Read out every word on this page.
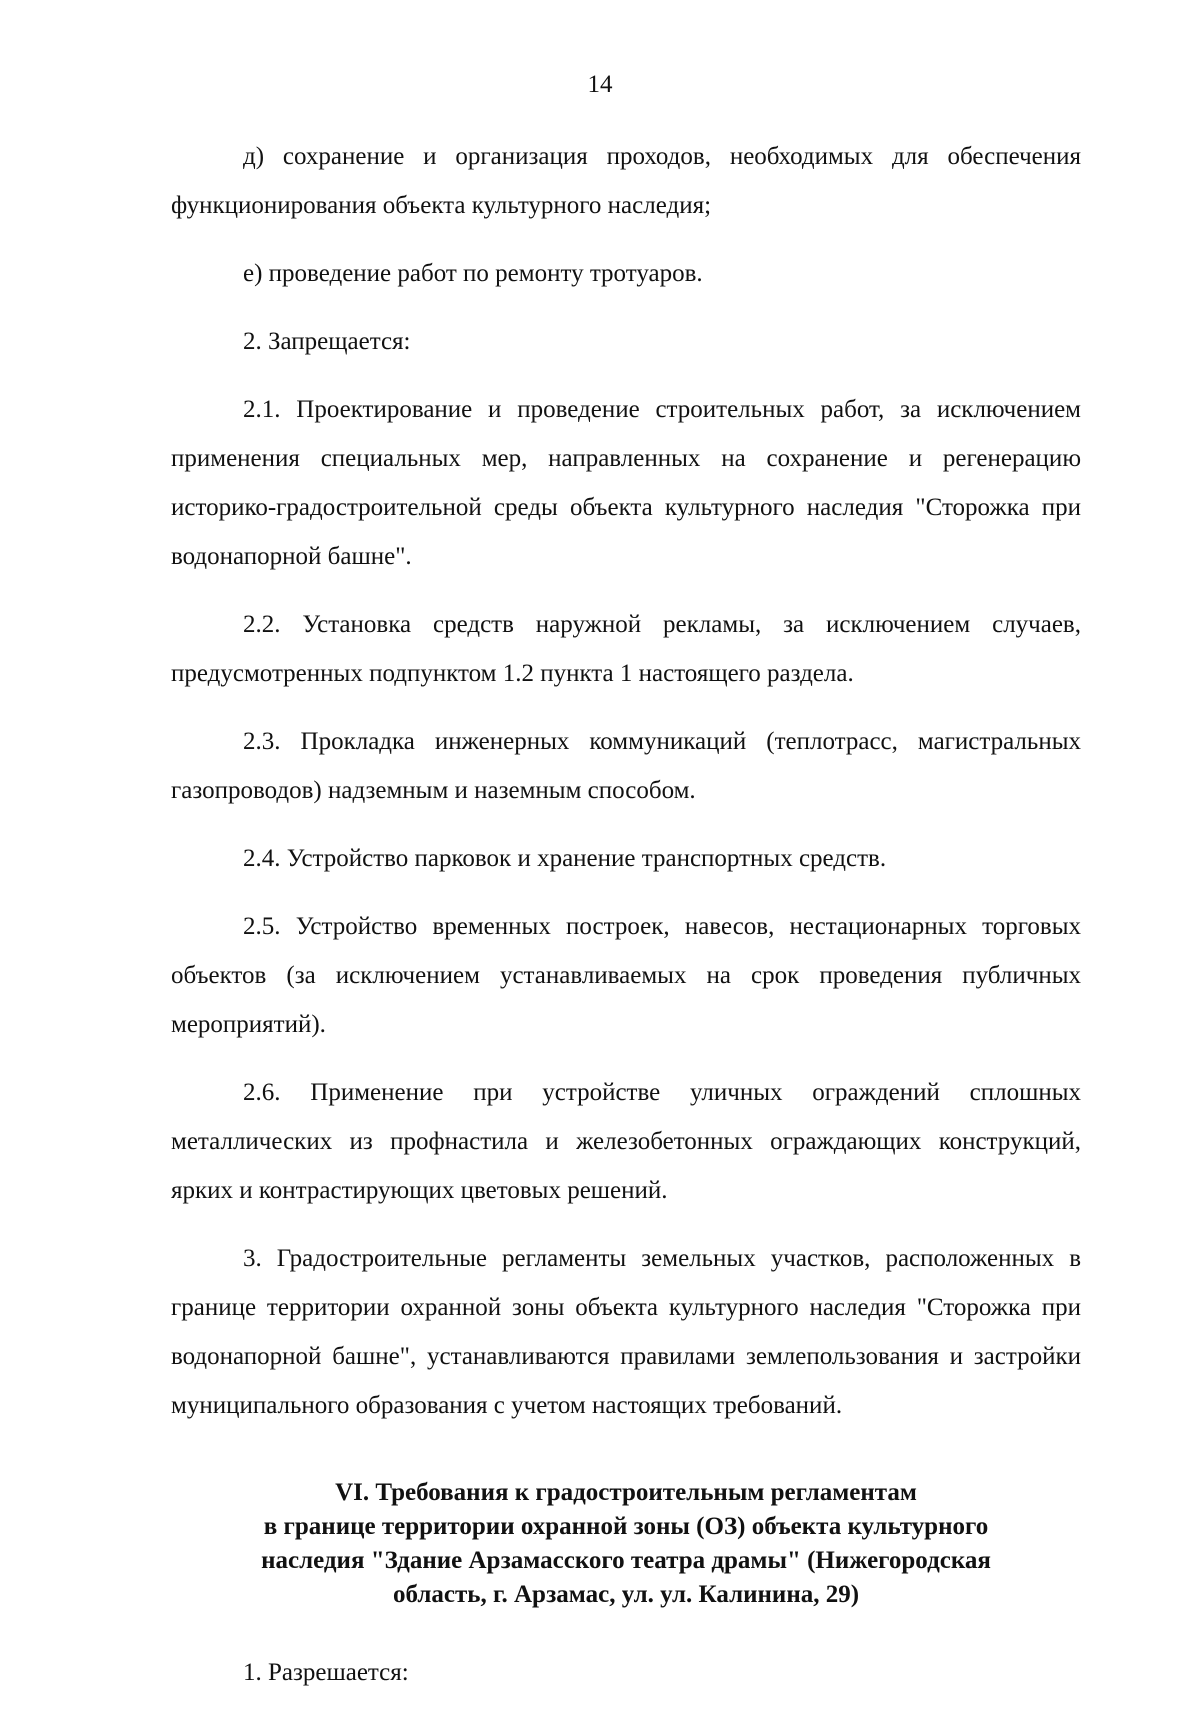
14

д) сохранение и организация проходов, необходимых для обеспечения функционирования объекта культурного наследия;

е) проведение работ по ремонту тротуаров.

2. Запрещается:

2.1. Проектирование и проведение строительных работ, за исключением применения специальных мер, направленных на сохранение и регенерацию историко-градостроительной среды объекта культурного наследия "Сторожка при водонапорной башне".

2.2. Установка средств наружной рекламы, за исключением случаев, предусмотренных подпунктом 1.2 пункта 1 настоящего раздела.

2.3. Прокладка инженерных коммуникаций (теплотрасс, магистральных газопроводов) надземным и наземным способом.

2.4. Устройство парковок и хранение транспортных средств.

2.5. Устройство временных построек, навесов, нестационарных торговых объектов (за исключением устанавливаемых на срок проведения публичных мероприятий).

2.6. Применение при устройстве уличных ограждений сплошных металлических из профнастила и железобетонных ограждающих конструкций, ярких и контрастирующих цветовых решений.

3. Градостроительные регламенты земельных участков, расположенных в границе территории охранной зоны объекта культурного наследия "Сторожка при водонапорной башне", устанавливаются правилами землепользования и застройки муниципального образования с учетом настоящих требований.

VI. Требования к градостроительным регламентам
в границе территории охранной зоны (ОЗ) объекта культурного
наследия "Здание Арзамасского театра драмы" (Нижегородская
область, г. Арзамас, ул. ул. Калинина, 29)

1. Разрешается:
